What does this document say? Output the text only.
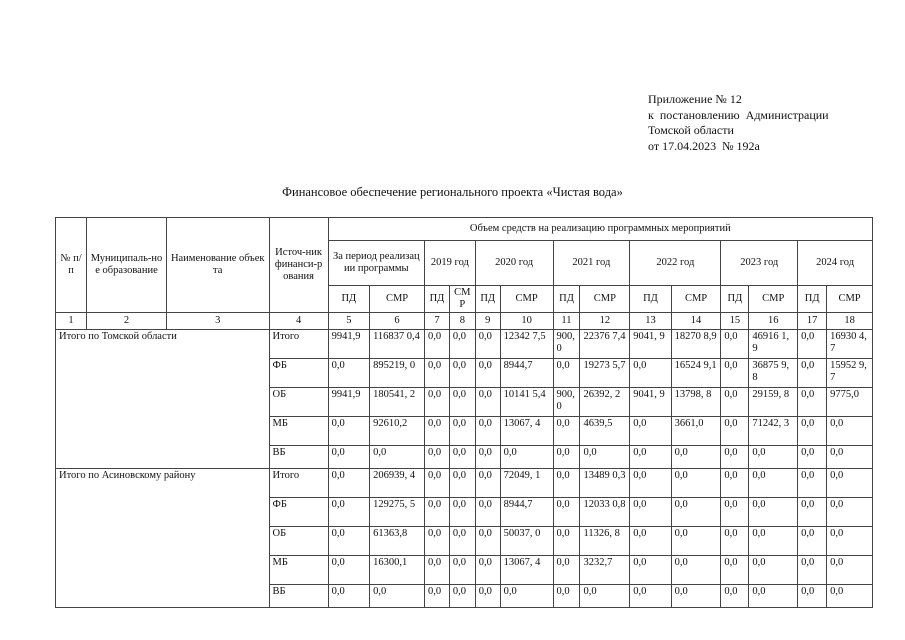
Приложение № 12
к  постановлению  Администрации
Томской области
от 17.04.2023  № 192а
Финансовое обеспечение регионального проекта «Чистая вода»
№ п/п	Муниципаль-ное образование	Наименование объекта	Источ-ник финанси-рования	Объем средств на реализацию программных мероприятий													
				За период реализации программы		2019 год		2020 год		2021 год		2022 год		2023 год		2024 год	
				ПД	СМР	ПД	СМР	ПД	СМР	ПД	СМР	ПД	СМР	ПД	СМР	ПД	СМР
1	2	3	4	5	6	7	8	9	10	11	12	13	14	15	16	17	18
Итого по Томской области			Итого	9941,9	116837 0,4	0,0	0,0	0,0	12342 7,5	900, 0	22376 7,4	9041, 9	18270 8,9	0,0	46916 1,9	0,0	16930 4,7
			ФБ	0,0	895219, 0	0,0	0,0	0,0	8944,7	0,0	19273 5,7	0,0	16524 9,1	0,0	36875 9,8	0,0	15952 9,7
			ОБ	9941,9	180541, 2	0,0	0,0	0,0	10141 5,4	900, 0	26392, 2	9041, 9	13798, 8	0,0	29159, 8	0,0	9775,0
			МБ	0,0	92610,2	0,0	0,0	0,0	13067, 4	0,0	4639,5	0,0	3661,0	0,0	71242, 3	0,0	0,0
			ВБ	0,0	0,0	0,0	0,0	0,0	0,0	0,0	0,0	0,0	0,0	0,0	0,0	0,0	0,0
Итого по Асиновскому району			Итого	0,0	206939, 4	0,0	0,0	0,0	72049, 1	0,0	13489 0,3	0,0	0,0	0,0	0,0	0,0	0,0
			ФБ	0,0	129275, 5	0,0	0,0	0,0	8944,7	0,0	12033 0,8	0,0	0,0	0,0	0,0	0,0	0,0
			ОБ	0,0	61363,8	0,0	0,0	0,0	50037, 0	0,0	11326, 8	0,0	0,0	0,0	0,0	0,0	0,0
			МБ	0,0	16300,1	0,0	0,0	0,0	13067, 4	0,0	3232,7	0,0	0,0	0,0	0,0	0,0	0,0
			ВБ	0,0	0,0	0,0	0,0	0,0	0,0	0,0	0,0	0,0	0,0	0,0	0,0	0,0	0,0
